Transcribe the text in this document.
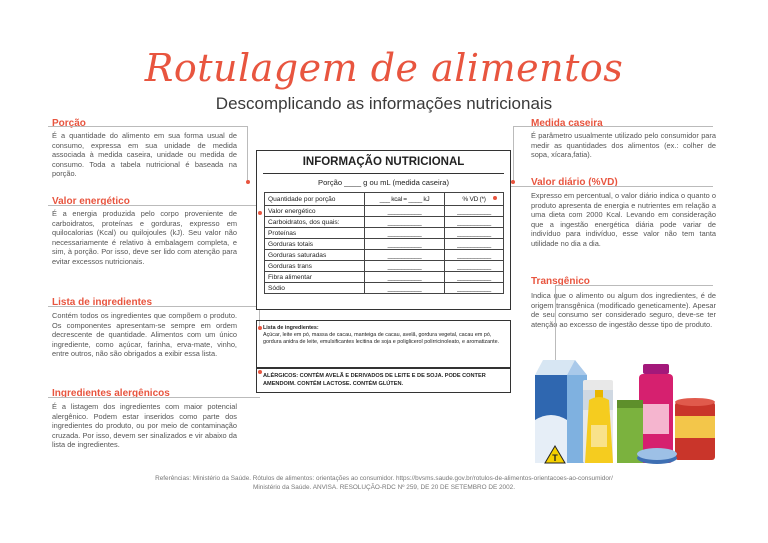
Rotulagem de alimentos
Descomplicando as informações nutricionais
Porção
É a quantidade do alimento em sua forma usual de consumo, expressa em sua unidade de medida associada à medida caseira, unidade ou medida de consumo. Toda a tabela nutricional é baseada na porção.
Valor energético
É a energia produzida pelo corpo proveniente de carboidratos, proteínas e gorduras, expresso em quilocalorias (Kcal) ou quilojoules (kJ). Seu valor não necessariamente é relativo à embalagem completa, e sim, à porção. Por isso, deve ser lido com atenção para evitar excessos nutricionais.
Lista de ingredientes
Contém todos os ingredientes que compõem o produto. Os componentes apresentam-se sempre em ordem decrescente de quantidade. Alimentos com um único ingrediente, como açúcar, farinha, erva-mate, vinho, entre outros, não são obrigados a exibir essa lista.
Ingredientes alergênicos
É a listagem dos ingredientes com maior potencial alergênico. Podem estar inseridos como parte dos ingredientes do produto, ou por meio de contaminação cruzada. Por isso, devem ser sinalizados e vir abaixo da lista de ingredientes.
Medida caseira
É parâmetro usualmente utilizado pelo consumidor para medir as quantidades dos alimentos (ex.: colher de sopa, xícara,fatia).
Valor diário (%VD)
Expresso em percentual, o valor diário indica o quanto o produto apresenta de energia e nutrientes em relação a uma dieta com 2000 Kcal. Levando em consideração que a ingestão energética diária pode variar de indivíduo para indivíduo, esse valor não tem tanta utilidade no dia a dia.
Transgênico
Indica que o alimento ou algum dos ingredientes, é de origem transgênica (modificado geneticamente). Apesar de seu consumo ser considerado seguro, deve-se ter atenção ao excesso de ingestão desse tipo de produto.
INFORMAÇÃO NUTRICIONAL
Porção ____ g ou mL (medida caseira)
Quantidade por porção	___ kcal = ____ kJ	% VD (*)
Valor energético	__________	__________
Carboidratos, dos quais:	__________	__________
Proteínas	__________	__________
Gorduras totais	__________	__________
Gorduras saturadas	__________	__________
Gorduras trans	__________	__________
Fibra alimentar	__________	__________
Sódio	__________	__________
Lista de ingredientes:
Açúcar, leite em pó, massa de cacau, manteiga de cacau, avelã, gordura vegetal, cacau em pó, gordura anidra de leite, emulsificantes lecitina de soja e poliglicerol polirricinoleato, e aromatizante.
ALÉRGICOS: CONTÉM AVELÃ E DERIVADOS DE LEITE E DE SOJA. PODE CONTER AMENDOIM. CONTÉM LACTOSE. CONTÉM GLÚTEN.
T
Referências: Ministério da Saúde. Rótulos de alimentos: orientações ao consumidor. https://bvsms.saude.gov.br/rotulos-de-alimentos-orientacoes-ao-consumidor/
Ministério da Saúde. ANVISA. RESOLUÇÃO-RDC Nº 259, DE 20 DE SETEMBRO DE 2002.
